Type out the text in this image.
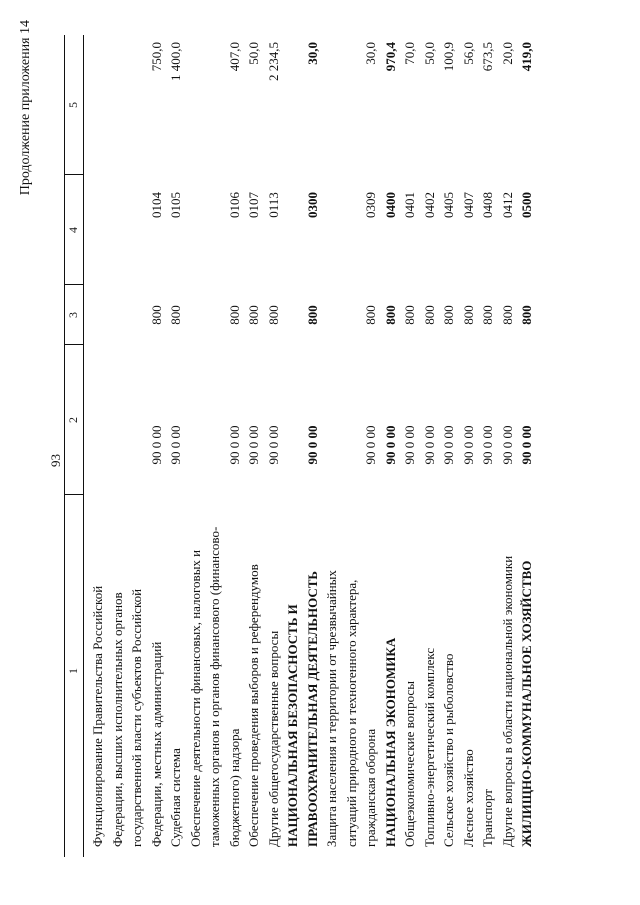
93
Продолжение приложения 14
1
2
3
4
5
Функционирование Правительства Российской Федерации, высших исполнительных органов государственной власти субъектов Российской Федерации, местных администраций
90 0 00
800
0104
750,0
Судебная система
90 0 00
800
0105
1 400,0
Обеспечение деятельности финансовых, налоговых и таможенных органов и органов финансового (финансово- бюджетного) надзора
90 0 00
800
0106
407,0
Обеспечение проведения выборов и референдумов
90 0 00
800
0107
50,0
Другие общегосударственные вопросы
90 0 00
800
0113
2 234,5
НАЦИОНАЛЬНАЯ БЕЗОПАСНОСТЬ И ПРАВООХРАНИТЕЛЬНАЯ ДЕЯТЕЛЬНОСТЬ
90 0 00
800
0300
30,0
Защита населения и территории от чрезвычайных ситуаций природного и техногенного характера, гражданская оборона
90 0 00
800
0309
30,0
НАЦИОНАЛЬНАЯ ЭКОНОМИКА
90 0 00
800
0400
970,4
Общеэкономические вопросы
90 0 00
800
0401
70,0
Топливно-энергетический комплекс
90 0 00
800
0402
50,0
Сельское хозяйство и рыболовство
90 0 00
800
0405
100,9
Лесное хозяйство
90 0 00
800
0407
56,0
Транспорт
90 0 00
800
0408
673,5
Другие вопросы в области национальной экономики
90 0 00
800
0412
20,0
ЖИЛИЩНО-КОММУНАЛЬНОЕ ХОЗЯЙСТВО
90 0 00
800
0500
419,0
